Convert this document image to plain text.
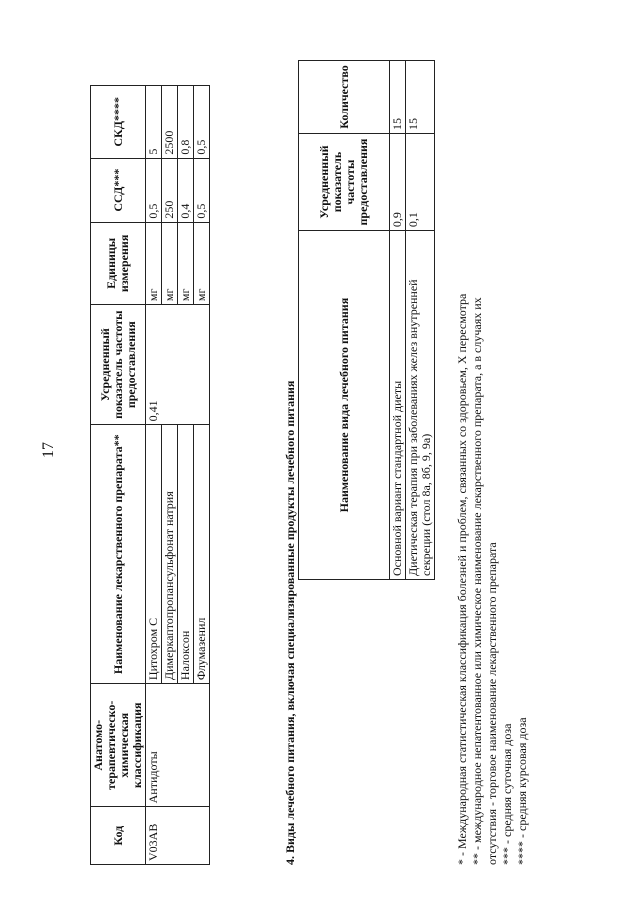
17
Код	Анатомо-терапевтическо-химическая классификация	Наименование лекарственного препарата**	Усредненный показатель частоты предоставления	Единицы измерения	ССД***	СКД****
V03AB	Антидоты	Цитохром С	0,41	мг	0,5	5
		Димеркаптопропансульфонат натрия		мг	250	2500
		Налоксон		мг	0,4	0,8
		Флумазенил		мг	0,5	0,5
4. Виды лечебного питания, включая специализированные продукты лечебного питания	Наименование вида лечебного питания	Усредненный показатель частоты предоставления	Количество
Основной вариант стандартной диеты	0,9	15
Диетическая терапия при заболеваниях желез внутренней секреции (стол 8а, 8б, 9, 9а)	0,1	15
* - Международная статистическая классификация болезней и проблем, связанных со здоровьем, X пересмотра ** - международное непатентованное или химическое наименование лекарственного препарата, а в случаях их отсутствия - торговое наименование лекарственного препарата *** - средняя суточная доза **** - средняя курсовая доза
